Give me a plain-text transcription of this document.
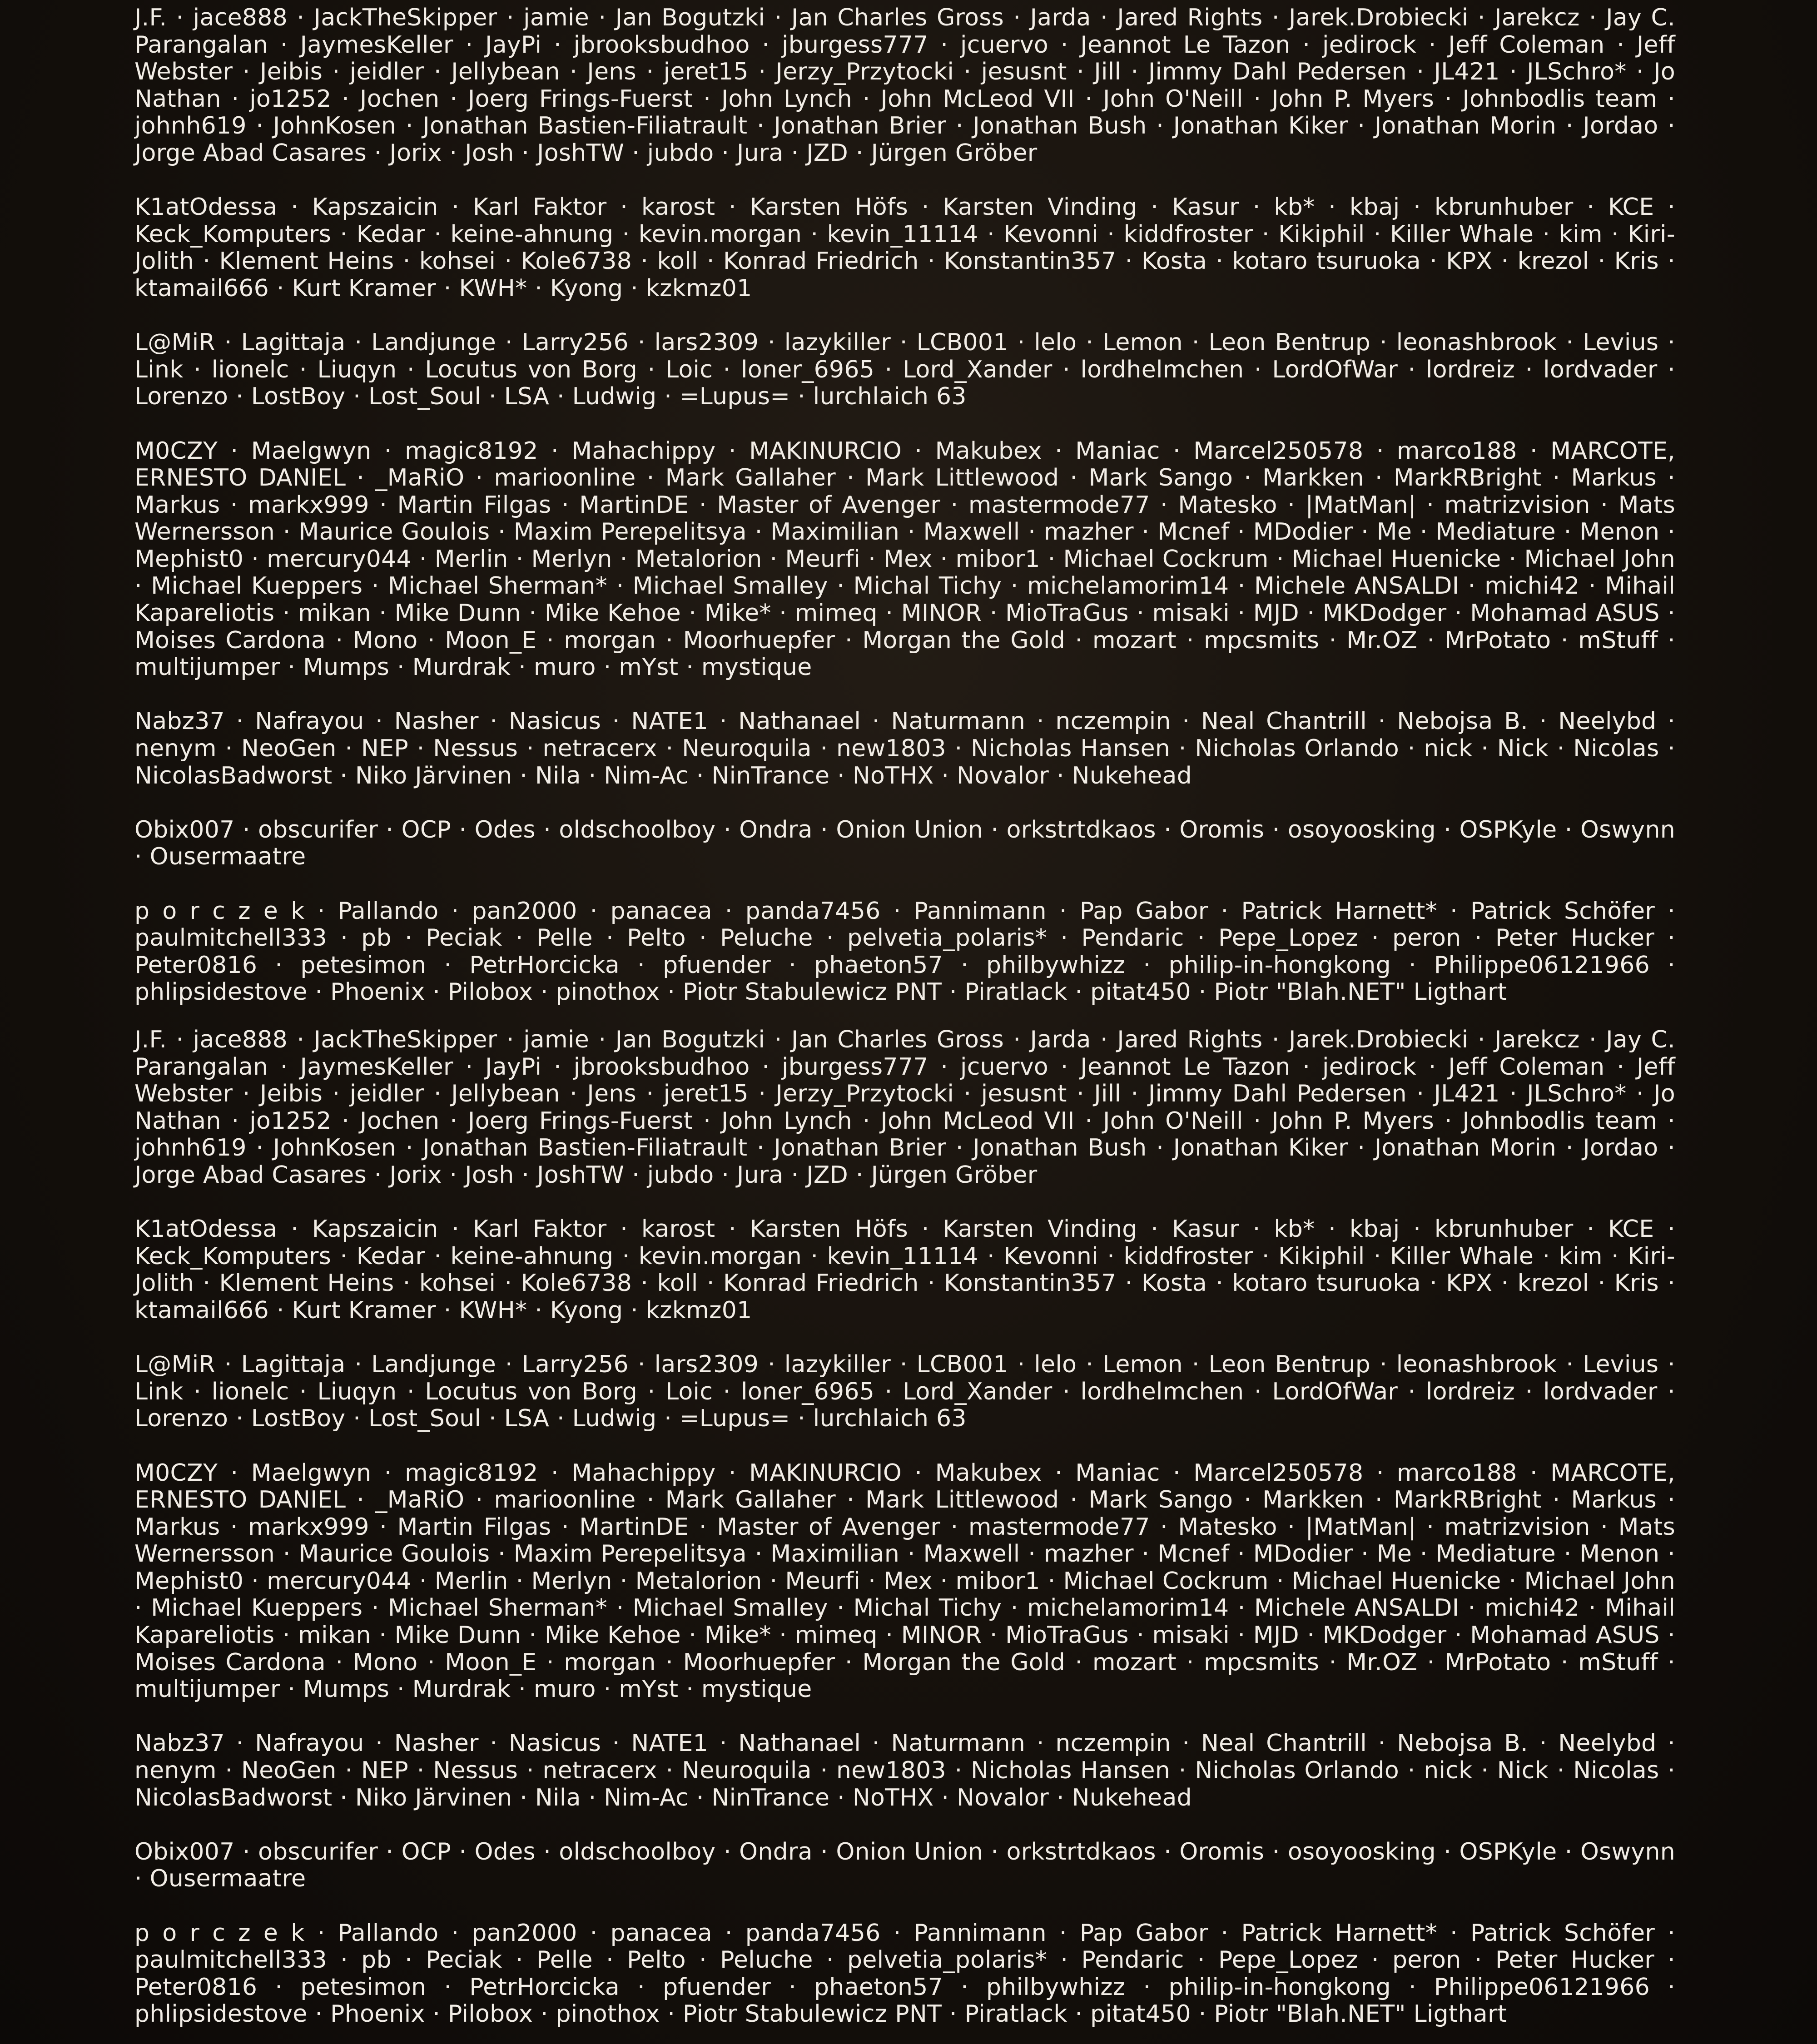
J.F. · jace888 · JackTheSkipper · jamie · Jan Bogutzki · Jan Charles Gross · Jarda · Jared Rights · Jarek.Drobiecki · Jarekcz · Jay C. Parangalan · JaymesKeller · JayPi · jbrooksbudhoo · jburgess777 · jcuervo · Jeannot Le Tazon · jedirock · Jeff Coleman · Jeff Webster · Jeibis · jeidler · Jellybean · Jens · jeret15 · Jerzy_Przytocki · jesusnt · Jill · Jimmy Dahl Pedersen · JL421 · JLSchro* · Jo Nathan · jo1252 · Jochen · Joerg Frings-Fuerst · John Lynch · John McLeod VII · John O'Neill · John P. Myers · Johnbodlis team · johnh619 · JohnKosen · Jonathan Bastien-Filiatrault · Jonathan Brier · Jonathan Bush · Jonathan Kiker · Jonathan Morin · Jordao · Jorge Abad Casares · Jorix · Josh · JoshTW · jubdo · Jura · JZD · Jürgen Gröber

K1atOdessa · Kapszaicin · Karl Faktor · karost · Karsten Höfs · Karsten Vinding · Kasur · kb* · kbaj · kbrunhuber · KCE · Keck_Komputers · Kedar · keine-ahnung · kevin.morgan · kevin_11114 · Kevonni · kiddfroster · Kikiphil · Killer Whale · kim · Kiri-Jolith · Klement Heins · kohsei · Kole6738 · koll · Konrad Friedrich · Konstantin357 · Kosta · kotaro tsuruoka · KPX · krezol · Kris · ktamail666 · Kurt Kramer · KWH* · Kyong · kzkmz01

L@MiR · Lagittaja · Landjunge · Larry256 · lars2309 · lazykiller · LCB001 · lelo · Lemon · Leon Bentrup · leonashbrook · Levius · Link · lionelc · Liuqyn · Locutus von Borg · Loic · loner_6965 · Lord_Xander · lordhelmchen · LordOfWar · lordreiz · lordvader · Lorenzo · LostBoy · Lost_Soul · LSA · Ludwig · =Lupus= · lurchlaich 63

M0CZY · Maelgwyn · magic8192 · Mahachippy · MAKINURCIO · Makubex · Maniac · Marcel250578 · marco188 · MARCOTE, ERNESTO DANIEL · _MaRiO · marioonline · Mark Gallaher · Mark Littlewood · Mark Sango · Markken · MarkRBright · Markus · Markus · markx999 · Martin Filgas · MartinDE · Master of Avenger · mastermode77 · Matesko · |MatMan| · matrizvision · Mats Wernersson · Maurice Goulois · Maxim Perepelitsya · Maximilian · Maxwell · mazher · Mcnef · MDodier · Me · Mediature · Menon · Mephist0 · mercury044 · Merlin · Merlyn · Metalorion · Meurfi · Mex · mibor1 · Michael Cockrum · Michael Huenicke · Michael John · Michael Kueppers · Michael Sherman* · Michael Smalley · Michal Tichy · michelamorim14 · Michele ANSALDI · michi42 · Mihail Kapareliotis · mikan · Mike Dunn · Mike Kehoe · Mike* · mimeq · MINOR · MioTraGus · misaki · MJD · MKDodger · Mohamad ASUS · Moises Cardona · Mono · Moon_E · morgan · Moorhuepfer · Morgan the Gold · mozart · mpcsmits · Mr.OZ · MrPotato · mStuff · multijumper · Mumps · Murdrak · muro · mYst · mystique

Nabz37 · Nafrayou · Nasher · Nasicus · NATE1 · Nathanael · Naturmann · nczempin · Neal Chantrill · Nebojsa B. · Neelybd · nenym · NeoGen · NEP · Nessus · netracerx · Neuroquila · new1803 · Nicholas Hansen · Nicholas Orlando · nick · Nick · Nicolas · NicolasBadworst · Niko Järvinen · Nila · Nim-Ac · NinTrance · NoTHX · Novalor · Nukehead

Obix007 · obscurifer · OCP · Odes · oldschoolboy · Ondra · Onion Union · orkstrtdkaos · Oromis · osoyoosking · OSPKyle · Oswynn · Ousermaatre

p o r c z e k · Pallando · pan2000 · panacea · panda7456 · Pannimann · Pap Gabor · Patrick Harnett* · Patrick Schöfer · paulmitchell333 · pb · Peciak · Pelle · Pelto · Peluche · pelvetia_polaris* · Pendaric · Pepe_Lopez · peron · Peter Hucker · Peter0816 · petesimon · PetrHorcicka · pfuender · phaeton57 · philbywhizz · philip-in-hongkong · Philippe06121966 · phlipsidestove · Phoenix · Pilobox · pinothox · Piotr Stabulewicz PNT · Piratlack · pitat450 · Piotr "Blah.NET" Ligthart

J.F. · jace888 · JackTheSkipper · jamie · Jan Bogutzki · Jan Charles Gross · Jarda · Jared Rights · Jarek.Drobiecki · Jarekcz · Jay C. Parangalan · JaymesKeller · JayPi · jbrooksbudhoo · jburgess777 · jcuervo · Jeannot Le Tazon · jedirock · Jeff Coleman · Jeff Webster · Jeibis · jeidler · Jellybean · Jens · jeret15 · Jerzy_Przytocki · jesusnt · Jill · Jimmy Dahl Pedersen · JL421 · JLSchro* · Jo Nathan · jo1252 · Jochen · Joerg Frings-Fuerst · John Lynch · John McLeod VII · John O'Neill · John P. Myers · Johnbodlis team · johnh619 · JohnKosen · Jonathan Bastien-Filiatrault · Jonathan Brier · Jonathan Bush · Jonathan Kiker · Jonathan Morin · Jordao · Jorge Abad Casares · Jorix · Josh · JoshTW · jubdo · Jura · JZD · Jürgen Gröber

K1atOdessa · Kapszaicin · Karl Faktor · karost · Karsten Höfs · Karsten Vinding · Kasur · kb* · kbaj · kbrunhuber · KCE · Keck_Komputers · Kedar · keine-ahnung · kevin.morgan · kevin_11114 · Kevonni · kiddfroster · Kikiphil · Killer Whale · kim · Kiri-Jolith · Klement Heins · kohsei · Kole6738 · koll · Konrad Friedrich · Konstantin357 · Kosta · kotaro tsuruoka · KPX · krezol · Kris · ktamail666 · Kurt Kramer · KWH* · Kyong · kzkmz01

L@MiR · Lagittaja · Landjunge · Larry256 · lars2309 · lazykiller · LCB001 · lelo · Lemon · Leon Bentrup · leonashbrook · Levius · Link · lionelc · Liuqyn · Locutus von Borg · Loic · loner_6965 · Lord_Xander · lordhelmchen · LordOfWar · lordreiz · lordvader · Lorenzo · LostBoy · Lost_Soul · LSA · Ludwig · =Lupus= · lurchlaich 63

M0CZY · Maelgwyn · magic8192 · Mahachippy · MAKINURCIO · Makubex · Maniac · Marcel250578 · marco188 · MARCOTE, ERNESTO DANIEL · _MaRiO · marioonline · Mark Gallaher · Mark Littlewood · Mark Sango · Markken · MarkRBright · Markus · Markus · markx999 · Martin Filgas · MartinDE · Master of Avenger · mastermode77 · Matesko · |MatMan| · matrizvision · Mats Wernersson · Maurice Goulois · Maxim Perepelitsya · Maximilian · Maxwell · mazher · Mcnef · MDodier · Me · Mediature · Menon · Mephist0 · mercury044 · Merlin · Merlyn · Metalorion · Meurfi · Mex · mibor1 · Michael Cockrum · Michael Huenicke · Michael John · Michael Kueppers · Michael Sherman* · Michael Smalley · Michal Tichy · michelamorim14 · Michele ANSALDI · michi42 · Mihail Kapareliotis · mikan · Mike Dunn · Mike Kehoe · Mike* · mimeq · MINOR · MioTraGus · misaki · MJD · MKDodger · Mohamad ASUS · Moises Cardona · Mono · Moon_E · morgan · Moorhuepfer · Morgan the Gold · mozart · mpcsmits · Mr.OZ · MrPotato · mStuff · multijumper · Mumps · Murdrak · muro · mYst · mystique

Nabz37 · Nafrayou · Nasher · Nasicus · NATE1 · Nathanael · Naturmann · nczempin · Neal Chantrill · Nebojsa B. · Neelybd · nenym · NeoGen · NEP · Nessus · netracerx · Neuroquila · new1803 · Nicholas Hansen · Nicholas Orlando · nick · Nick · Nicolas · NicolasBadworst · Niko Järvinen · Nila · Nim-Ac · NinTrance · NoTHX · Novalor · Nukehead

Obix007 · obscurifer · OCP · Odes · oldschoolboy · Ondra · Onion Union · orkstrtdkaos · Oromis · osoyoosking · OSPKyle · Oswynn · Ousermaatre

p o r c z e k · Pallando · pan2000 · panacea · panda7456 · Pannimann · Pap Gabor · Patrick Harnett* · Patrick Schöfer · paulmitchell333 · pb · Peciak · Pelle · Pelto · Peluche · pelvetia_polaris* · Pendaric · Pepe_Lopez · peron · Peter Hucker · Peter0816 · petesimon · PetrHorcicka · pfuender · phaeton57 · philbywhizz · philip-in-hongkong · Philippe06121966 · phlipsidestove · Phoenix · Pilobox · pinothox · Piotr Stabulewicz PNT · Piratlack · pitat450 · Piotr "Blah.NET" Ligthart
